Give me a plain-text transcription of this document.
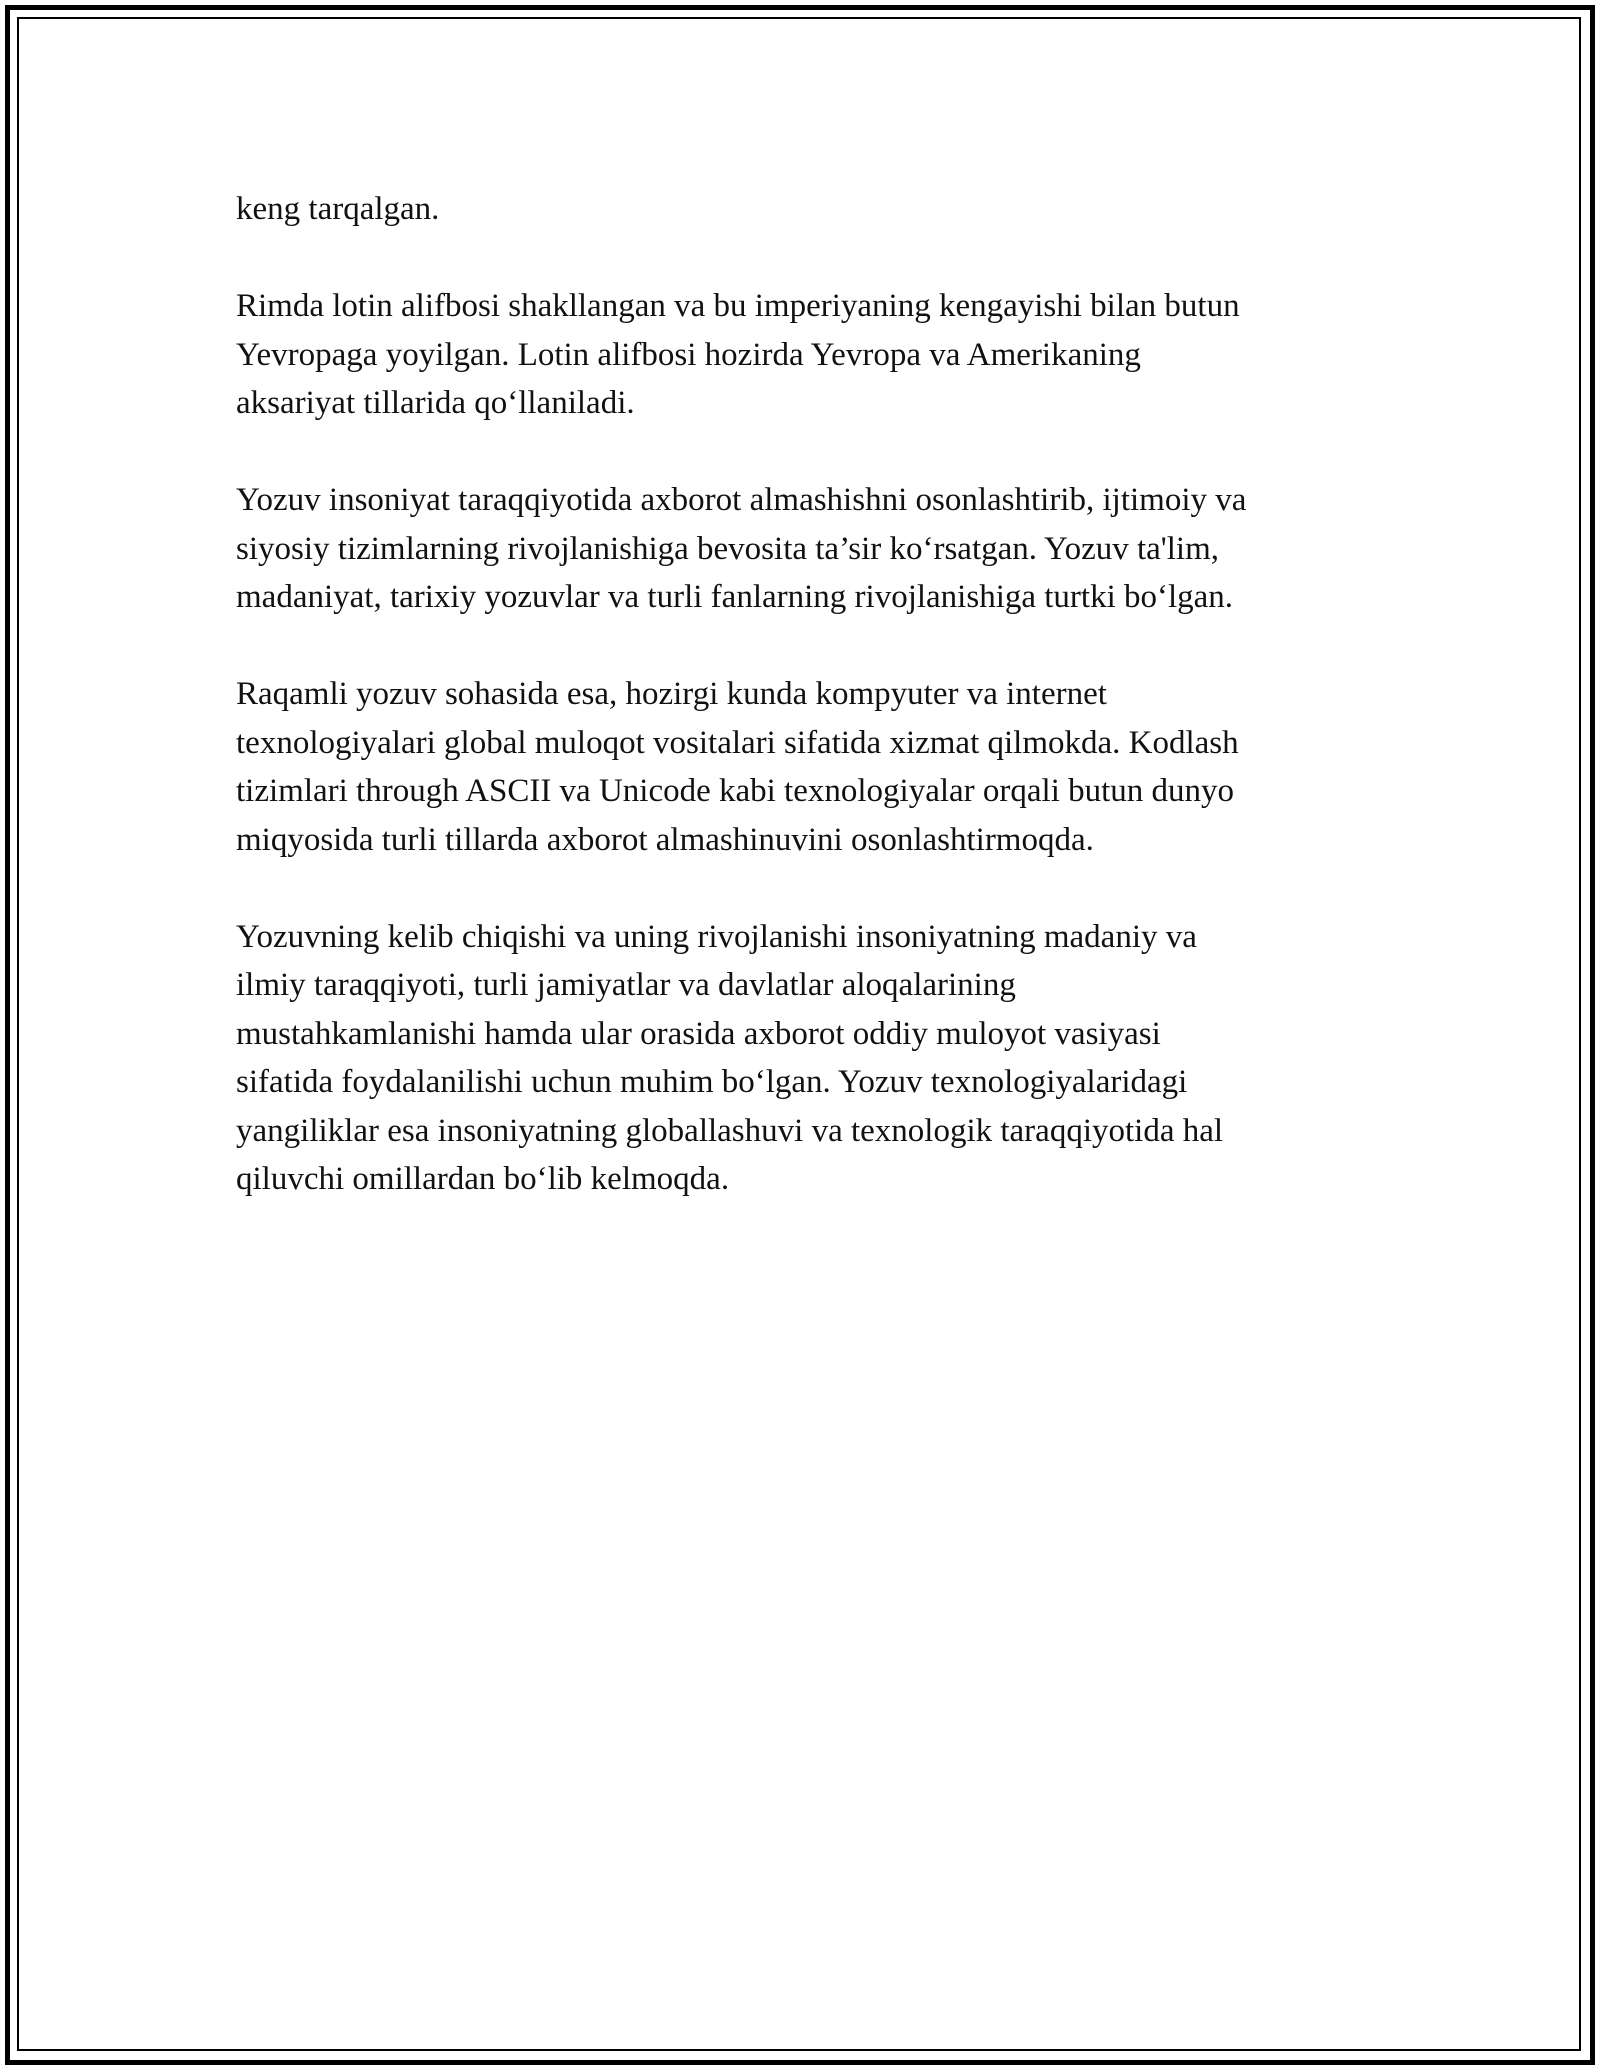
keng tarqalgan.

Rimda lotin alifbosi shakllangan va bu imperiyaning kengayishi bilan butun
Yevropaga yoyilgan. Lotin alifbosi hozirda Yevropa va Amerikaning
aksariyat tillarida qo‘llaniladi.

Yozuv insoniyat taraqqiyotida axborot almashishni osonlashtirib, ijtimoiy va
siyosiy tizimlarning rivojlanishiga bevosita ta’sir ko‘rsatgan. Yozuv ta'lim,
madaniyat, tarixiy yozuvlar va turli fanlarning rivojlanishiga turtki bo‘lgan.

Raqamli yozuv sohasida esa, hozirgi kunda kompyuter va internet
texnologiyalari global muloqot vositalari sifatida xizmat qilmokda. Kodlash
tizimlari through ASCII va Unicode kabi texnologiyalar orqali butun dunyo
miqyosida turli tillarda axborot almashinuvini osonlashtirmoqda.

Yozuvning kelib chiqishi va uning rivojlanishi insoniyatning madaniy va
ilmiy taraqqiyoti, turli jamiyatlar va davlatlar aloqalarining
mustahkamlanishi hamda ular orasida axborot oddiy muloyot vasiyasi
sifatida foydalanilishi uchun muhim bo‘lgan. Yozuv texnologiyalaridagi
yangiliklar esa insoniyatning globallashuvi va texnologik taraqqiyotida hal
qiluvchi omillardan bo‘lib kelmoqda.
